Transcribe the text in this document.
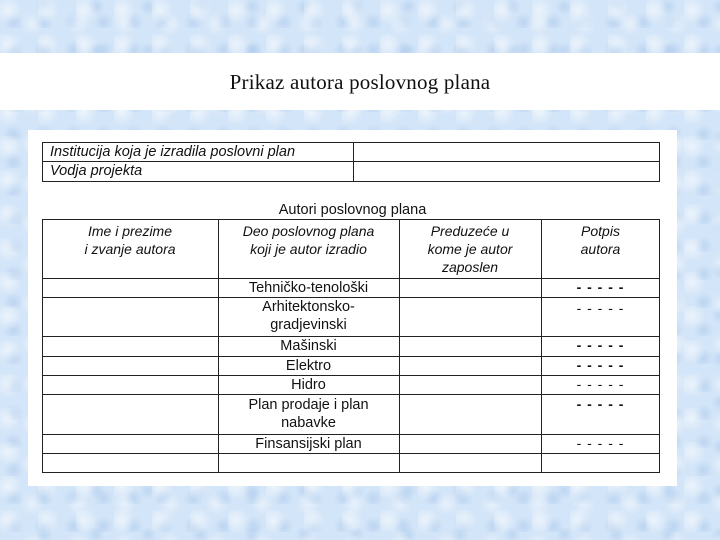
Prikaz autora poslovnog plana
Institucija koja je izradila poslovni plan
Vodja projekta
Autori poslovnog plana
Ime i prezime
i zvanje autora
Deo poslovnog plana
koji je autor izradio
Preduzeće u
kome je autor
zaposlen
Potpis
autora
Tehničko-tenološki
Arhitektonsko-
gradjevinski
Mašinski
Elektro
Hidro
Plan prodaje i plan
nabavke
Finsansijski plan
- - - - -
- - - - -
- - - - -
- - - - -
- - - - -
- - - - -
- - - - -
